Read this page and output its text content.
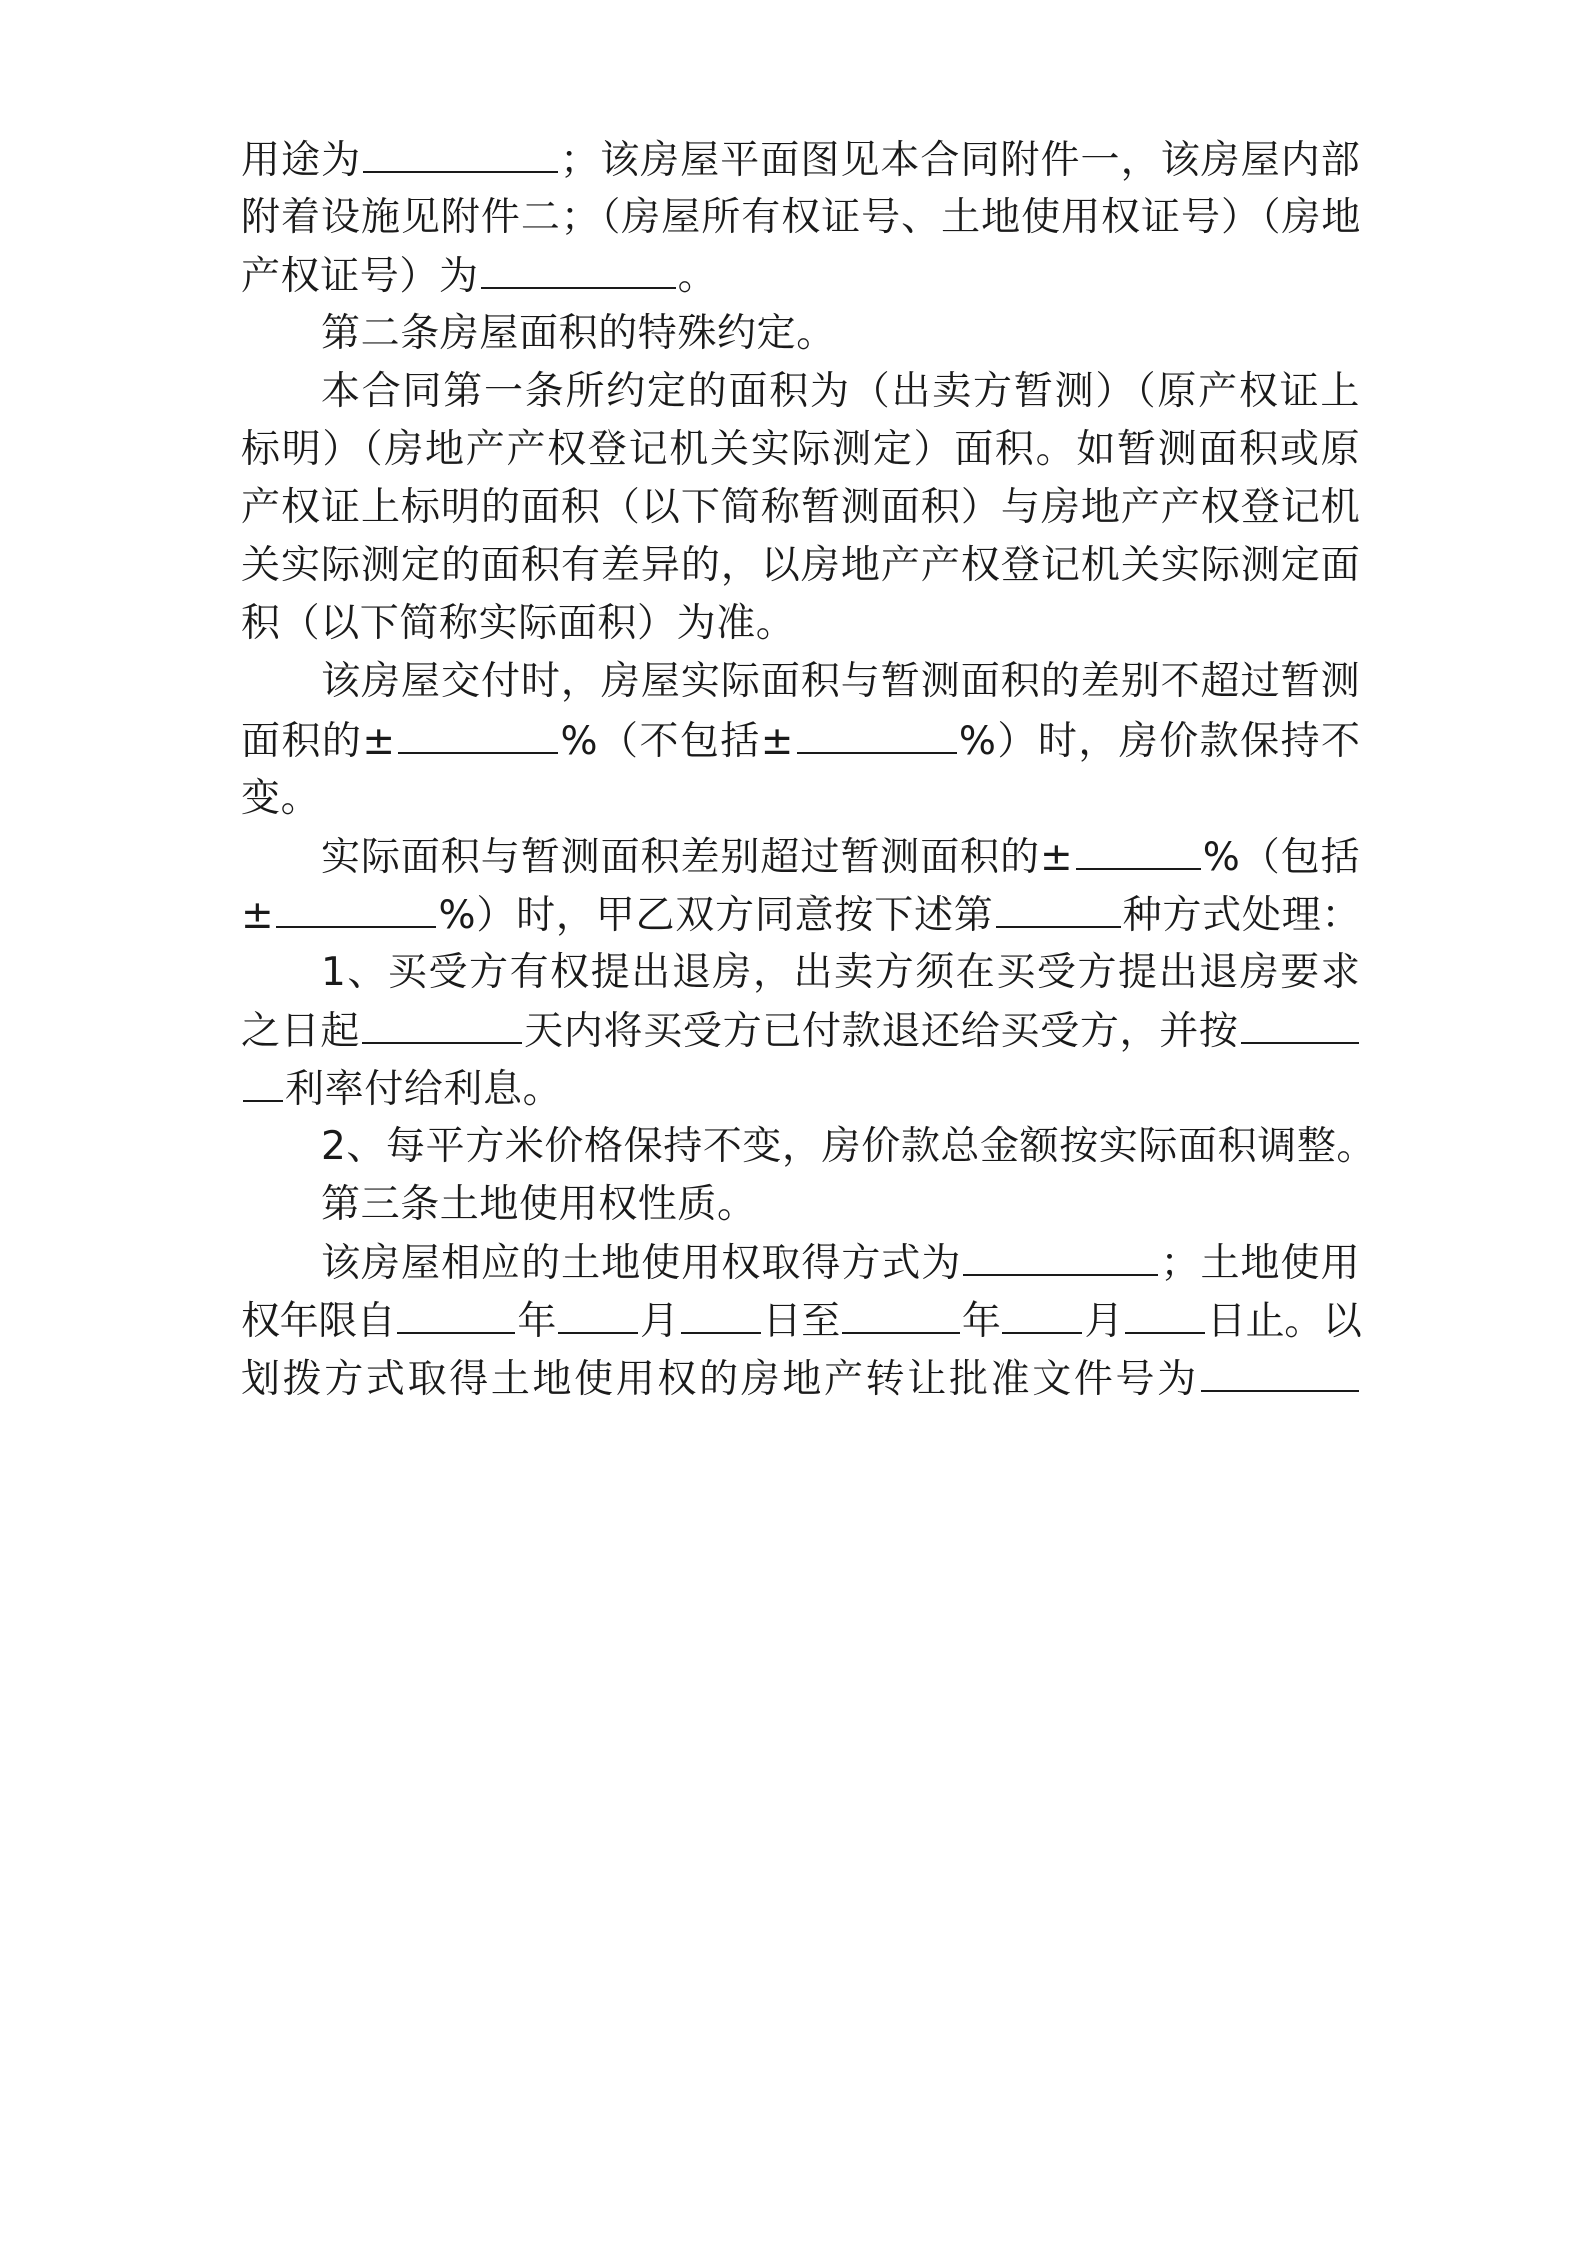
用途为	；该房屋平面图见本合同附件一，该房屋内部
附着设施见附件二；（房屋所有权证号、土地使用权证号）（房地
产权证号）为	。
第二条房屋面积的特殊约定。
本合同第一条所约定的面积为（出卖方暂测）（原产权证上
标明）（房地产产权登记机关实际测定）面积。如暂测面积或原
产权证上标明的面积（以下简称暂测面积）与房地产产权登记机
关实际测定的面积有差异的，以房地产产权登记机关实际测定面
积（以下简称实际面积）为准。
该房屋交付时，房屋实际面积与暂测面积的差别不超过暂测
面积的±	%（不包括±	%）时，房价款保持不
变。
实际面积与暂测面积差别超过暂测面积的±	%（包括
±	%）时，甲乙双方同意按下述第	种方式处理：
1、买受方有权提出退房，出卖方须在买受方提出退房要求
之日起	天内将买受方已付款退还给买受方，并按
利率付给利息。
2、每平方米价格保持不变，房价款总金额按实际面积调整。
第三条土地使用权性质。
该房屋相应的土地使用权取得方式为	；土地使用
权年限自	年 月 日至	年 月 日止。以
划拨方式取得土地使用权的房地产转让批准文件号为
